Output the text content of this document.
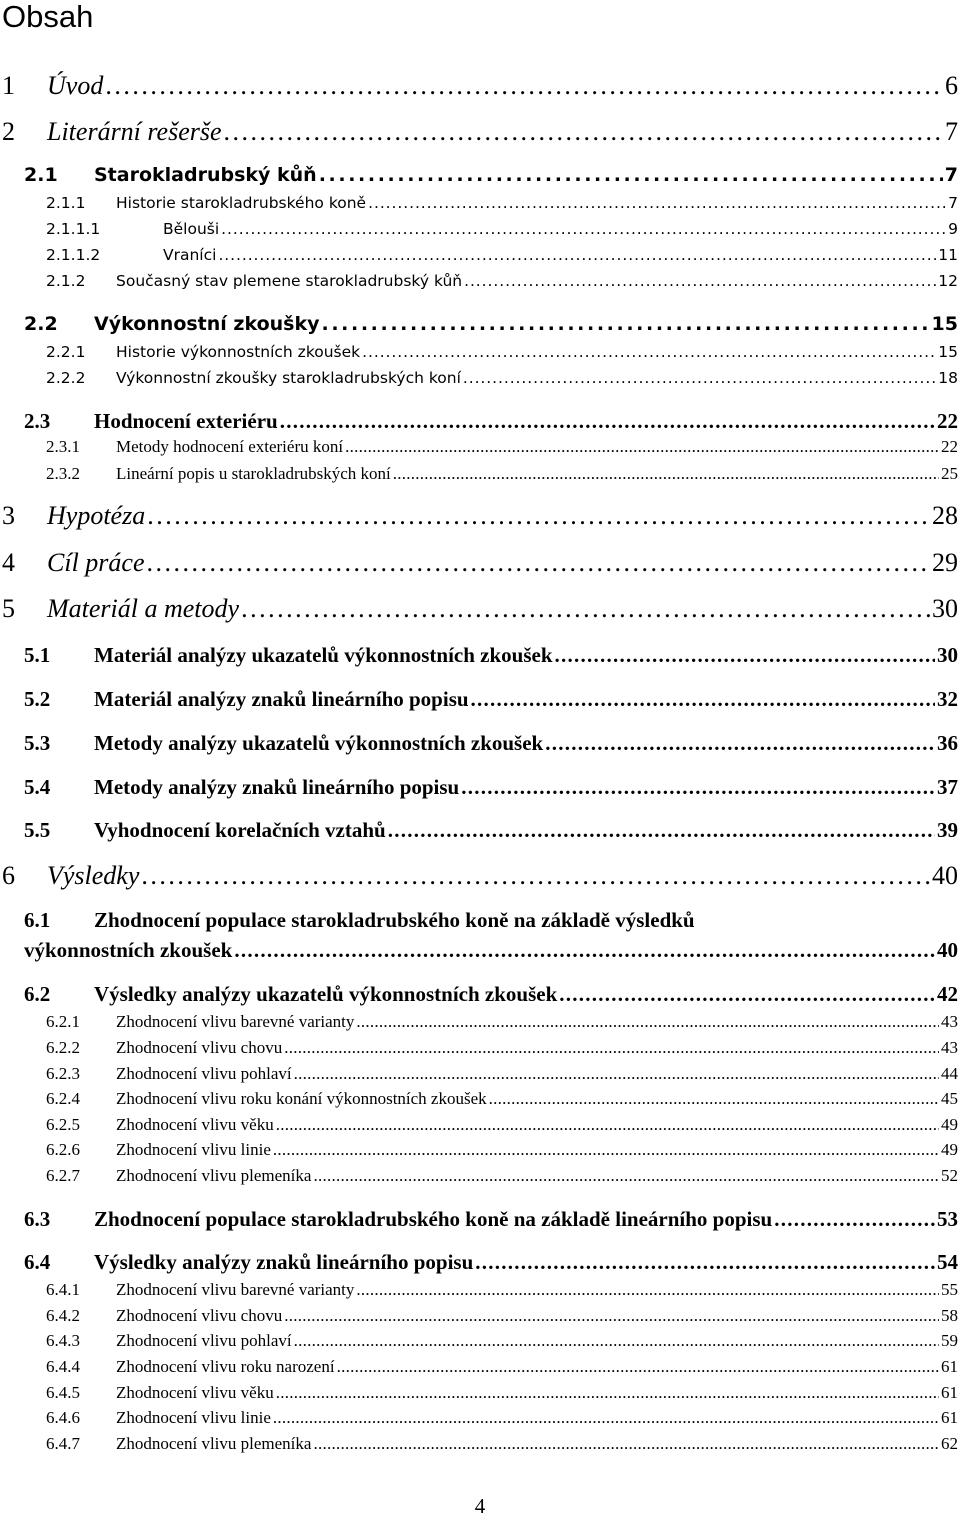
Obsah
1	Úvod . . .	6
2	Literární rešerše . . .	7
2.1	Starokladrubský kůň . . .	7
2.1.1	Historie starokladrubského koně . . .	7
2.1.1.1	Bělouši . . .	9
2.1.1.2	Vraníci . . .	11
2.1.2	Současný stav plemene starokladrubský kůň . . .	12
2.2	Výkonnostní zkoušky . . .	15
2.2.1	Historie výkonnostních zkoušek . . .	15
2.2.2	Výkonnostní zkoušky starokladrubských koní . . .	18
2.3	Hodnocení exteriéru . . .	22
2.3.1	Metody hodnocení exteriéru koní . . .	22
2.3.2	Lineární popis u starokladrubských koní . . .	25
3	Hypotéza . . .	28
4	Cíl práce . . .	29
5	Materiál a metody . . .	30
5.1	Materiál analýzy ukazatelů výkonnostních zkoušek . . .	30
5.2	Materiál analýzy znaků lineárního popisu . . .	32
5.3	Metody analýzy ukazatelů výkonnostních zkoušek . . .	36
5.4	Metody analýzy znaků lineárního popisu . . .	37
5.5	Vyhodnocení korelačních vztahů . . .	39
6	Výsledky . . .	40
6.1 Zhodnocení populace starokladrubského koně na základě výsledků
výkonnostních zkoušek . . .	40
6.2	Výsledky analýzy ukazatelů výkonnostních zkoušek . . .	42
6.2.1	Zhodnocení vlivu barevné varianty . . .	43
6.2.2	Zhodnocení vlivu chovu . . .	43
6.2.3	Zhodnocení vlivu pohlaví . . .	44
6.2.4	Zhodnocení vlivu roku konání výkonnostních zkoušek . . .	45
6.2.5	Zhodnocení vlivu věku . . .	49
6.2.6	Zhodnocení vlivu linie . . .	49
6.2.7	Zhodnocení vlivu plemeníka . . .	52
6.3	Zhodnocení populace starokladrubského koně na základě lineárního popisu . . .	53
6.4	Výsledky analýzy znaků lineárního popisu . . .	54
6.4.1	Zhodnocení vlivu barevné varianty . . .	55
6.4.2	Zhodnocení vlivu chovu . . .	58
6.4.3	Zhodnocení vlivu pohlaví . . .	59
6.4.4	Zhodnocení vlivu roku narození . . .	61
6.4.5	Zhodnocení vlivu věku . . .	61
6.4.6	Zhodnocení vlivu linie . . .	61
6.4.7	Zhodnocení vlivu plemeníka . . .	62
4
